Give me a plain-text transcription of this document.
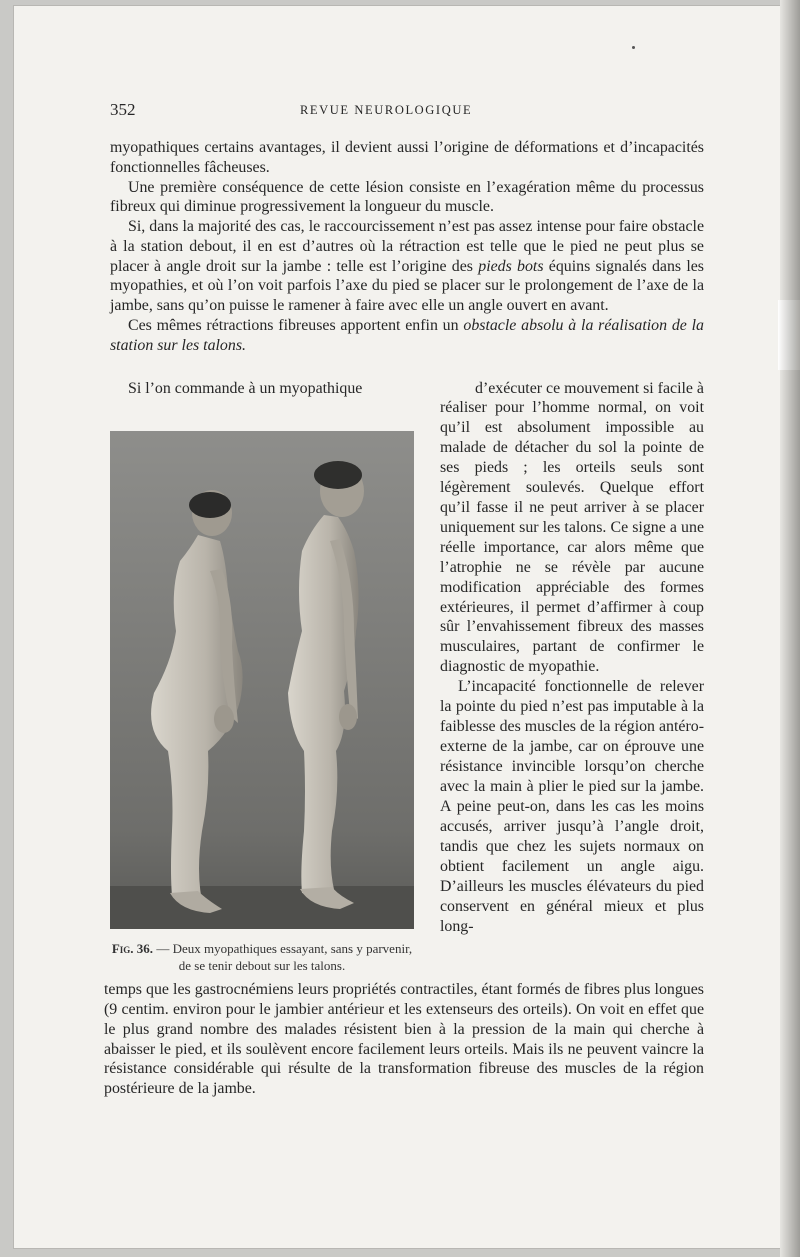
352	REVUE NEUROLOGIQUE

myopathiques certains avantages, il devient aussi l’origine de déformations et d’incapacités fonctionnelles fâcheuses.

Une première conséquence de cette lésion consiste en l’exagération même du processus fibreux qui diminue progressivement la longueur du muscle.

Si, dans la majorité des cas, le raccourcissement n’est pas assez intense pour faire obstacle à la station debout, il en est d’autres où la rétraction est telle que le pied ne peut plus se placer à angle droit sur la jambe : telle est l’origine des pieds bots équins signalés dans les myopathies, et où l’on voit parfois l’axe du pied se placer sur le prolongement de l’axe de la jambe, sans qu’on puisse le ramener à faire avec elle un angle ouvert en avant.

Ces mêmes rétractions fibreuses apportent enfin un obstacle absolu à la réalisation de la station sur les talons.

Si l’on commande à un myopathique	d’exécuter ce mouvement si facile à

réaliser pour l’homme normal, on voit qu’il est absolument impossible au malade de détacher du sol la pointe de ses pieds ; les orteils seuls sont légèrement soulevés. Quelque effort qu’il fasse il ne peut arriver à se placer uniquement sur les talons. Ce signe a une réelle importance, car alors même que l’atrophie ne se révèle par aucune modification appréciable des formes extérieures, il permet d’affirmer à coup sûr l’envahissement fibreux des masses musculaires, partant de confirmer le diagnostic de myopathie.

L’incapacité fonctionnelle de relever la pointe du pied n’est pas imputable à la faiblesse des muscles de la région antéro-externe de la jambe, car on éprouve une résistance invincible lorsqu’on cherche avec la main à plier le pied sur la jambe. A peine peut-on, dans les cas les moins accusés, arriver jusqu’à l’angle droit, tandis que chez les sujets normaux on obtient facilement un angle aigu. D’ailleurs les muscles élévateurs du pied conservent en général mieux et plus long-

Fig. 36. — Deux myopathiques essayant, sans y parvenir, de se tenir debout sur les talons.

temps que les gastrocnémiens leurs propriétés contractiles, étant formés de fibres plus longues (9 centim. environ pour le jambier antérieur et les extenseurs des orteils). On voit en effet que le plus grand nombre des malades résistent bien à la pression de la main qui cherche à abaisser le pied, et ils soulèvent encore facilement leurs orteils. Mais ils ne peuvent vaincre la résistance considérable qui résulte de la transformation fibreuse des muscles de la région postérieure de la jambe.
